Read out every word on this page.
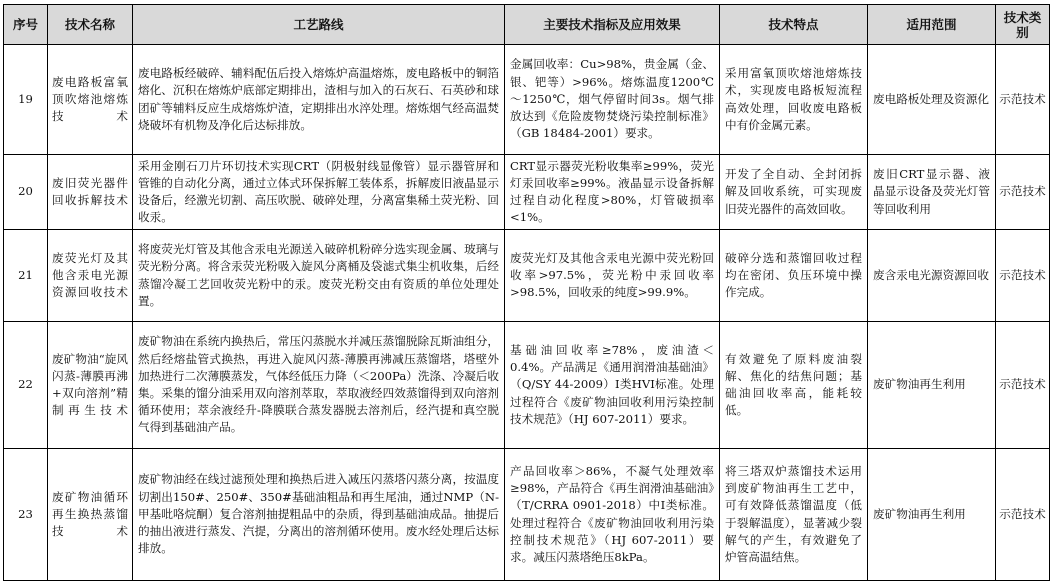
序号	技术名称	工艺路线	主要技术指标及应用效果	技术特点	适用范围	技术类别
19	废电路板富氧顶吹熔池熔炼技术	废电路板经破碎、辅料配伍后投入熔炼炉高温熔炼，废电路板中的铜箔熔化、沉积在熔炼炉底部定期排出，渣相与加入的石灰石、石英砂和球团矿等辅料反应生成熔炼炉渣，定期排出水淬处理。熔炼烟气经高温焚烧破坏有机物及净化后达标排放。	金属回收率：Cu>98%，贵金属（金、银、钯等）>96%。熔炼温度1200℃～1250℃，烟气停留时间3s。烟气排放达到《危险废物焚烧污染控制标准》（GB 18484-2001）要求。	采用富氧顶吹熔池熔炼技术，实现废电路板短流程高效处理，回收废电路板中有价金属元素。	废电路板处理及资源化	示范技术
20	废旧荧光器件回收拆解技术	采用金刚石刀片环切技术实现CRT（阴极射线显像管）显示器管屏和管锥的自动化分离，通过立体式环保拆解工装体系，拆解废旧液晶显示设备后，经激光切割、高压吹脱、破碎处理，分离富集稀土荧光粉、回收汞。	CRT显示器荧光粉收集率≥99%，荧光灯汞回收率≥99%。液晶显示设备拆解过程自动化程度>80%，灯管破损率<1%。	开发了全自动、全封闭拆解及回收系统，可实现废旧荧光器件的高效回收。	废旧CRT显示器、液晶显示设备及荧光灯管等回收利用	示范技术
21	废荧光灯及其他含汞电光源资源回收技术	将废荧光灯管及其他含汞电光源送入破碎机粉碎分选实现金属、玻璃与荧光粉分离。将含汞荧光粉吸入旋风分离桶及袋滤式集尘机收集，后经蒸馏冷凝工艺回收荧光粉中的汞。废荧光粉交由有资质的单位处理处置。	废荧光灯及其他含汞电光源中荧光粉回收率>97.5%，荧光粉中汞回收率>98.5%，回收汞的纯度>99.9%。	破碎分选和蒸馏回收过程均在密闭、负压环境中操作完成。	废含汞电光源资源回收	示范技术
22	废矿物油“旋风闪蒸-薄膜再沸+双向溶剂”精制再生技术	废矿物油在系统内换热后，常压闪蒸脱水并减压蒸馏脱除瓦斯油组分，然后经熔盐管式换热，再进入旋风闪蒸-薄膜再沸减压蒸馏塔，塔壁外加热进行二次薄膜蒸发，气体经低压力降（＜200Pa）洗涤、冷凝后收集。采集的馏分油采用双向溶剂萃取，萃取液经四效蒸馏得到双向溶剂循环使用；萃余液经升-降膜联合蒸发器脱去溶剂后，经汽提和真空脱气得到基础油产品。	基础油回收率≥78%，废油渣＜0.4%。产品满足《通用润滑油基础油》（Q/SY 44-2009）I类HVI标准。处理过程符合《废矿物油回收利用污染控制技术规范》（HJ 607-2011）要求。	有效避免了原料废油裂解、焦化的结焦问题；基础油回收率高，能耗较低。	废矿物油再生利用	示范技术
23	废矿物油循环再生换热蒸馏技术	废矿物油经在线过滤预处理和换热后进入减压闪蒸塔闪蒸分离，按温度切割出150#、250#、350#基础油粗品和再生尾油，通过NMP（N-甲基吡咯烷酮）复合溶剂抽提粗品中的杂质，得到基础油成品。抽提后的抽出液进行蒸发、汽提，分离出的溶剂循环使用。废水经处理后达标排放。	产品回收率＞86%，不凝气处理效率≥98%，产品符合《再生润滑油基础油》（T/CRRA 0901-2018）中I类标准。处理过程符合《废矿物油回收利用污染控制技术规范》（HJ 607-2011）要求。减压闪蒸塔绝压8kPa。	将三塔双炉蒸馏技术运用到废矿物油再生工艺中，可有效降低蒸馏温度（低于裂解温度），显著减少裂解气的产生，有效避免了炉管高温结焦。	废矿物油再生利用	示范技术
